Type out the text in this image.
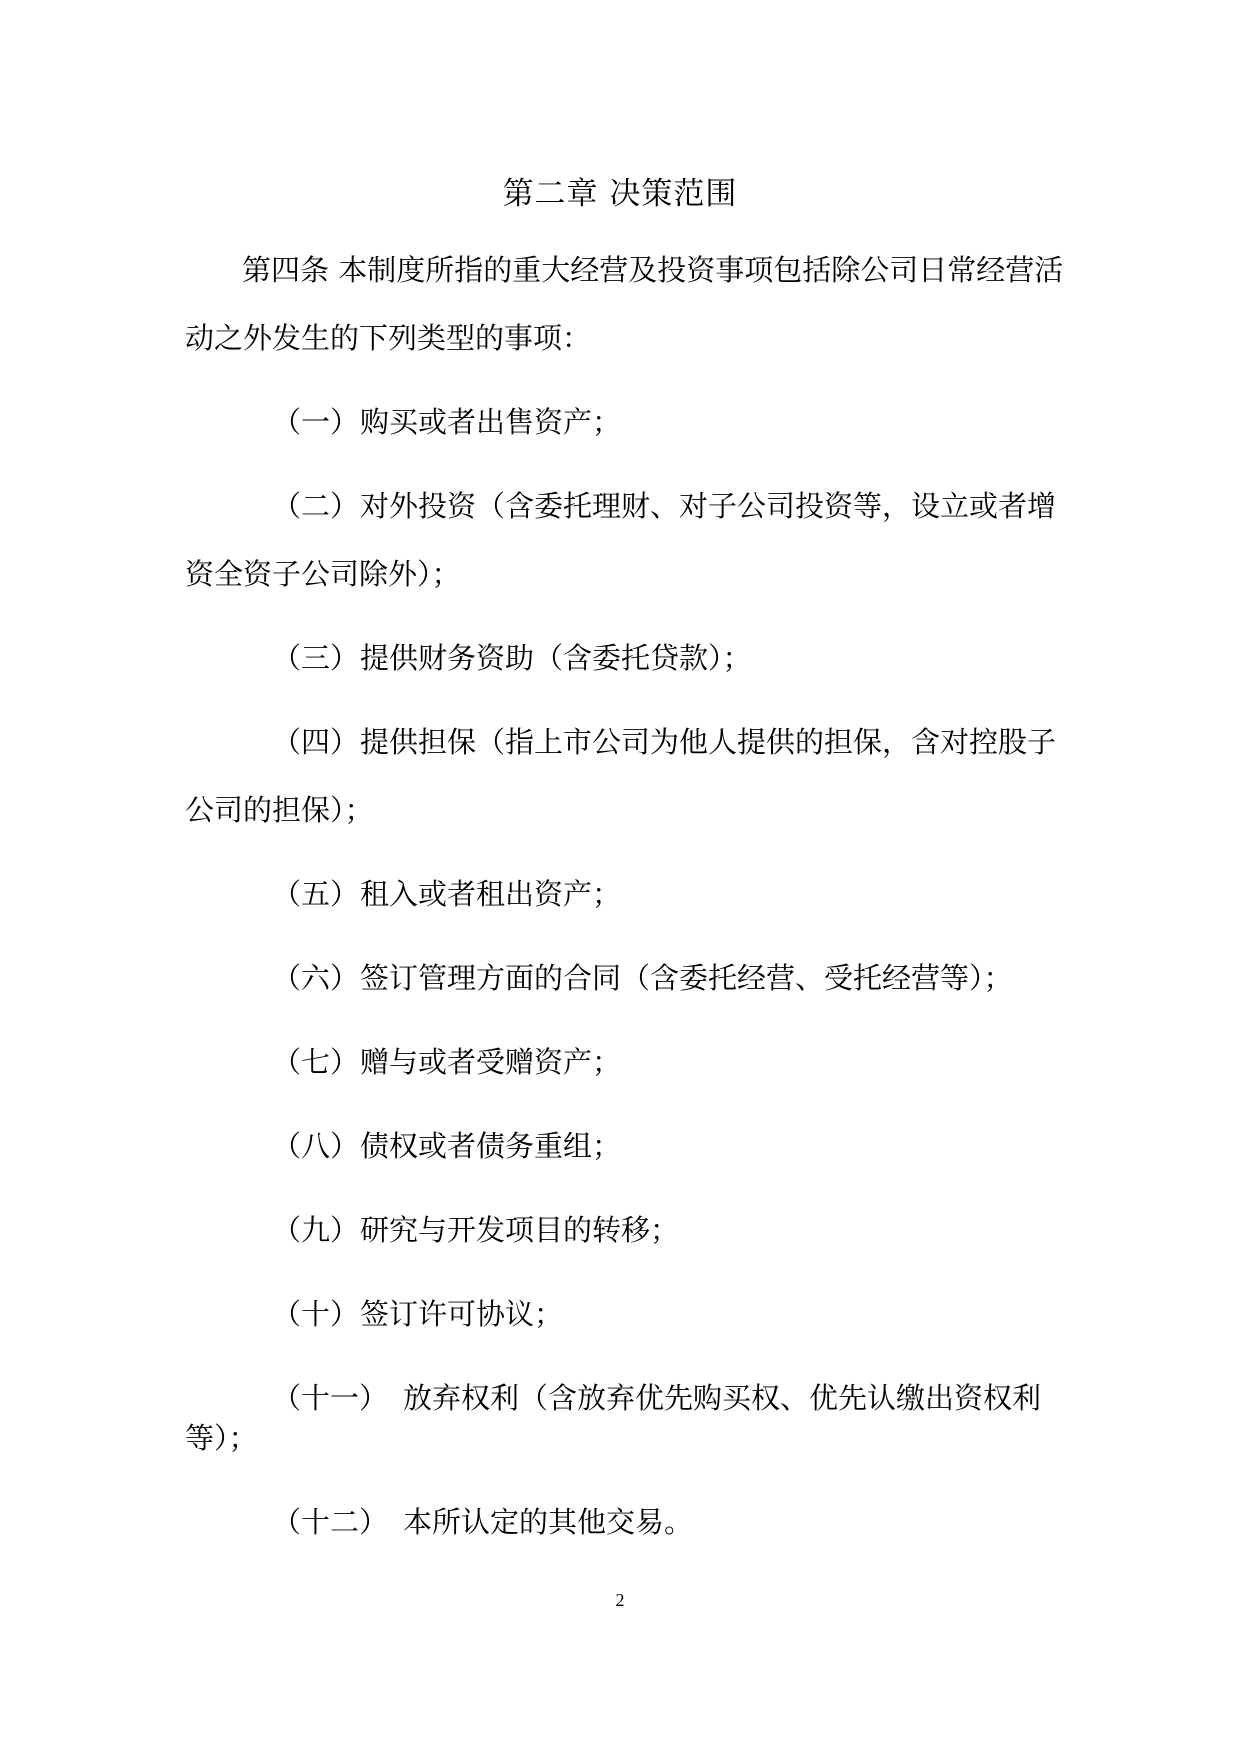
第二章 决策范围
第四条 本制度所指的重大经营及投资事项包括除公司日常经营活
动之外发生的下列类型的事项：
（一）购买或者出售资产；
（二）对外投资（含委托理财、对子公司投资等，设立或者增
资全资子公司除外）；
（三）提供财务资助（含委托贷款）；
（四）提供担保（指上市公司为他人提供的担保，含对控股子
公司的担保）；
（五）租入或者租出资产；
（六）签订管理方面的合同（含委托经营、受托经营等）；
（七）赠与或者受赠资产；
（八）债权或者债务重组；
（九）研究与开发项目的转移；
（十）签订许可协议；
（十一） 放弃权利（含放弃优先购买权、优先认缴出资权利
等）；
（十二） 本所认定的其他交易。
2
